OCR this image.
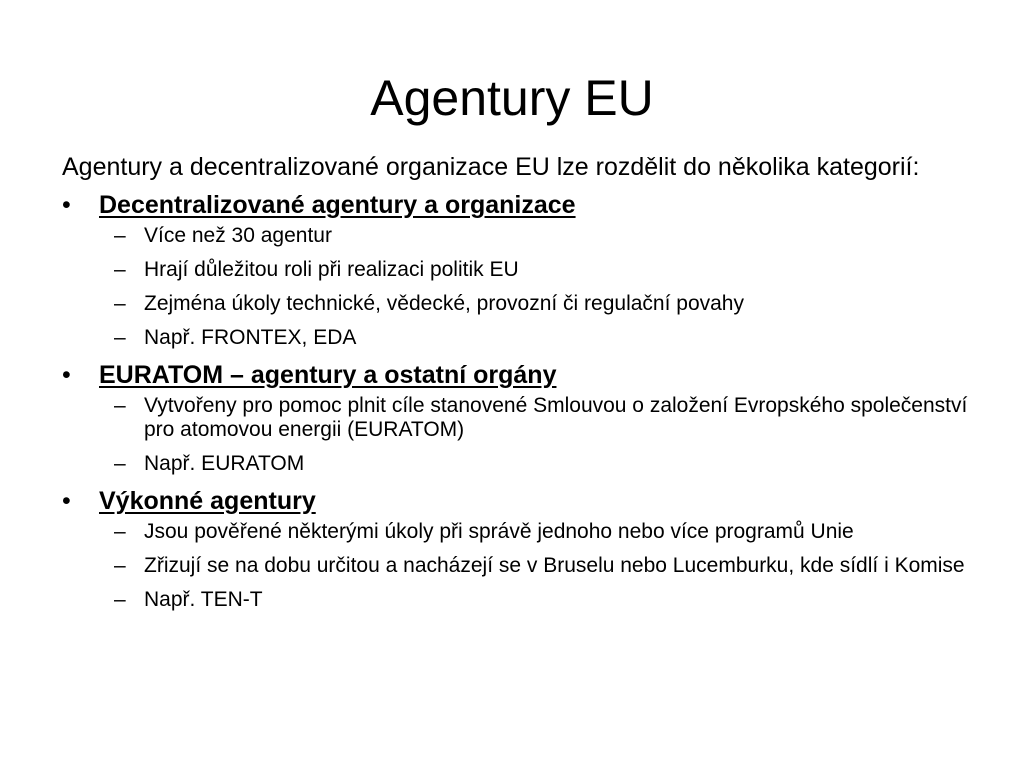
Agentury EU

Agentury a decentralizované organizace EU lze rozdělit do několika kategorií:

•	Decentralizované agentury a organizace
– Více než 30 agentur
– Hrají důležitou roli při realizaci politik EU
– Zejména úkoly technické, vědecké, provozní či regulační povahy
– Např. FRONTEX, EDA
•	EURATOM – agentury a ostatní orgány
– Vytvořeny pro pomoc plnit cíle stanovené Smlouvou o založení Evropského společenství pro atomovou energii (EURATOM)
– Např. EURATOM
•	Výkonné agentury
– Jsou pověřené některými úkoly při správě jednoho nebo více programů Unie
– Zřizují se na dobu určitou a nacházejí se v Bruselu nebo Lucemburku, kde sídlí i Komise
– Např. TEN-T
